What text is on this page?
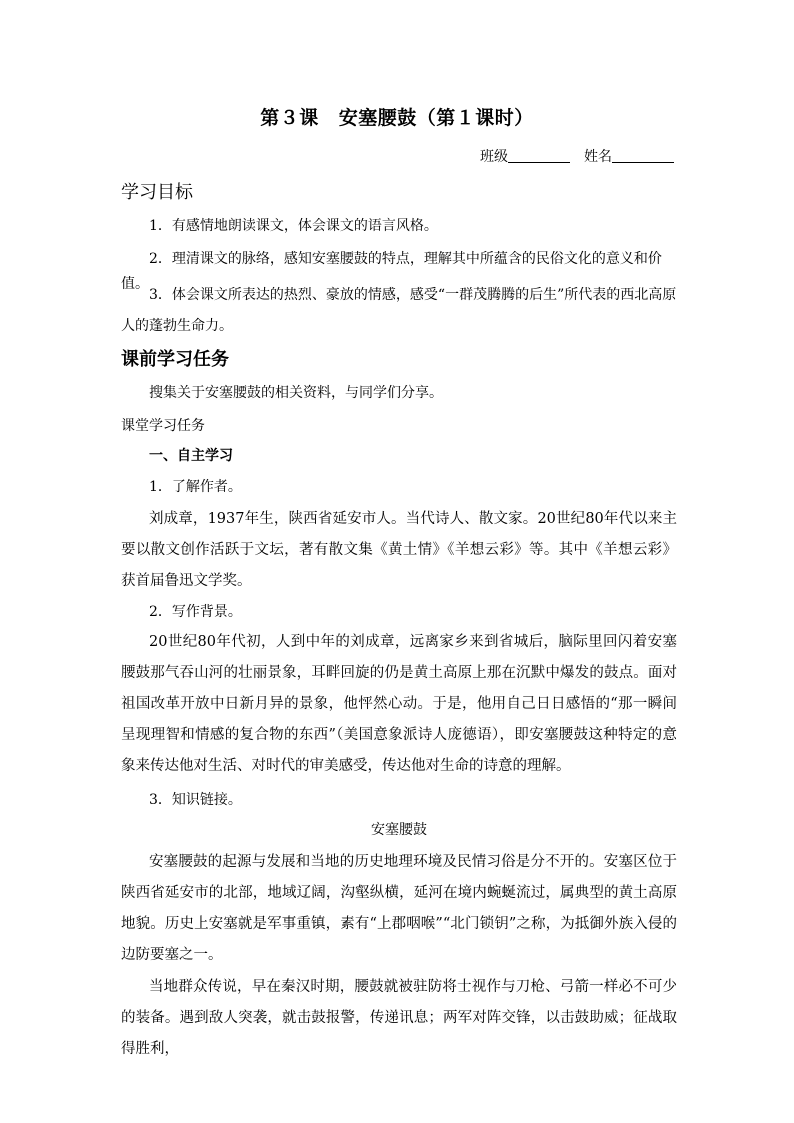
第３课 安塞腰鼓（第１课时）
班级	姓名
学习目标
1．有感情地朗读课文，体会课文的语言风格。
2．理清课文的脉络，感知安塞腰鼓的特点，理解其中所蕴含的民俗文化的意义和价值。
3．体会课文所表达的热烈、豪放的情感，感受“一群茂腾腾的后生”所代表的西北高原人的蓬勃生命力。
课前学习任务
搜集关于安塞腰鼓的相关资料，与同学们分享。
课堂学习任务
一、自主学习
1．了解作者。
刘成章，1937年生，陕西省延安市人。当代诗人、散文家。20世纪80年代以来主要以散文创作活跃于文坛，著有散文集《黄土情》《羊想云彩》等。其中《羊想云彩》获首届鲁迅文学奖。
2．写作背景。
20世纪80年代初，人到中年的刘成章，远离家乡来到省城后，脑际里回闪着安塞腰鼓那气吞山河的壮丽景象，耳畔回旋的仍是黄土高原上那在沉默中爆发的鼓点。面对祖国改革开放中日新月异的景象，他怦然心动。于是，他用自己日日感悟的“那一瞬间呈现理智和情感的复合物的东西”（美国意象派诗人庞德语），即安塞腰鼓这种特定的意象来传达他对生活、对时代的审美感受，传达他对生命的诗意的理解。
3．知识链接。
安塞腰鼓
安塞腰鼓的起源与发展和当地的历史地理环境及民情习俗是分不开的。安塞区位于陕西省延安市的北部，地域辽阔，沟壑纵横，延河在境内蜿蜒流过，属典型的黄土高原地貌。历史上安塞就是军事重镇，素有“上郡咽喉”“北门锁钥”之称，为抵御外族入侵的边防要塞之一。
当地群众传说，早在秦汉时期，腰鼓就被驻防将士视作与刀枪、弓箭一样必不可少的装备。遇到敌人突袭，就击鼓报警，传递讯息；两军对阵交锋，以击鼓助威；征战取得胜利，
